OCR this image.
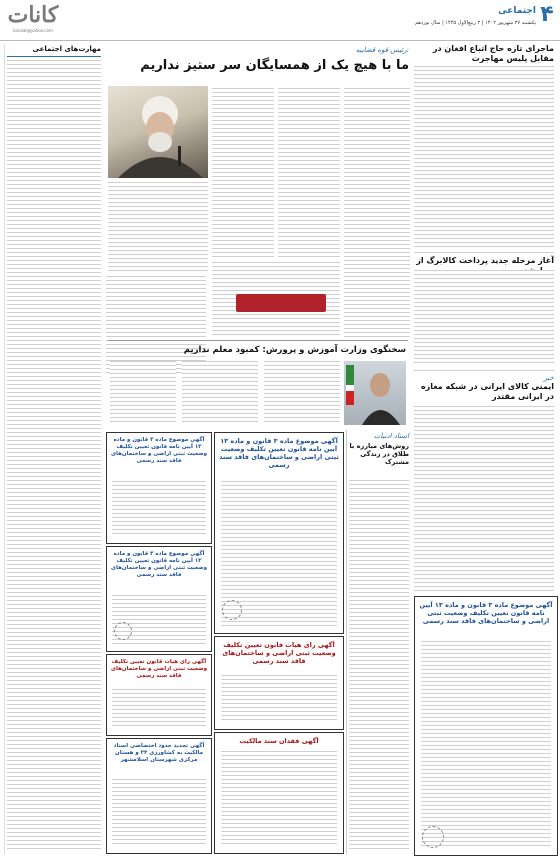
کانات
kanaat@yahoo.com
۴
اجتماعی
یکشنبه ۲۷ شهریور ۱۴۰۲ | ۲ ربیع‌الاول ۱۴۴۵ | سال نوزدهم
رئیس قوه قضاییه:
ما با هیچ یک از همسایگان سر ستیز نداریم
مهارت‌های اجتماعی	ماجرای تازه حاج اتباع افغان در مقابل پلیس مهاجرت
آغاز مرحله جدید پرداخت کالابرگ از
خبر
ایمنی کالای ایرانی در شبکه مغازه در ایرانی مقتدر
سخنگوی وزارت آموزش و پرورش: کمبود معلم نداریم
استاد ادبیات
روش‌های مبارزه با طلاق در زندگی مشترک
آگهی موضوع ماده ۳ قانون و ماده ۱۳ آیین نامه قانون تعیین تکلیف وضعیت ثبتی اراضی و ساختمان‌های فاقد سند رسمی
آگهی موضوع ماده ۳ قانون و ماده ۱۳ آیین نامه قانون تعیین تکلیف وضعیت ثبتی اراضی و ساختمان‌های فاقد سند رسمی
آگهی رای هیات قانون تعیین تکلیف وضعیت ثبتی اراضی و ساختمان‌های فاقد سند رسمی
آگهی موضوع ماده ۳ قانون و ماده ۱۳ آیین نامه قانون تعیین تکلیف وضعیت ثبتی اراضی و ساختمان‌های فاقد سند رسمی
آگهی موضوع ماده ۳ قانون و ماده ۱۳ آیین نامه قانون تعیین تکلیف وضعیت ثبتی اراضی و ساختمان‌های فاقد سند رسمی
آگهی رای هیات قانون تعیین تکلیف وضعیت ثبتی اراضی و ساختمان‌های فاقد سند رسمی
آگهی تجدید حدود اختصاصی اسناد مالکیت به کشاورزی ۳۴ و هستان مرکزی شهرستان اسلامشهر
آگهی فقدان سند مالکیت
